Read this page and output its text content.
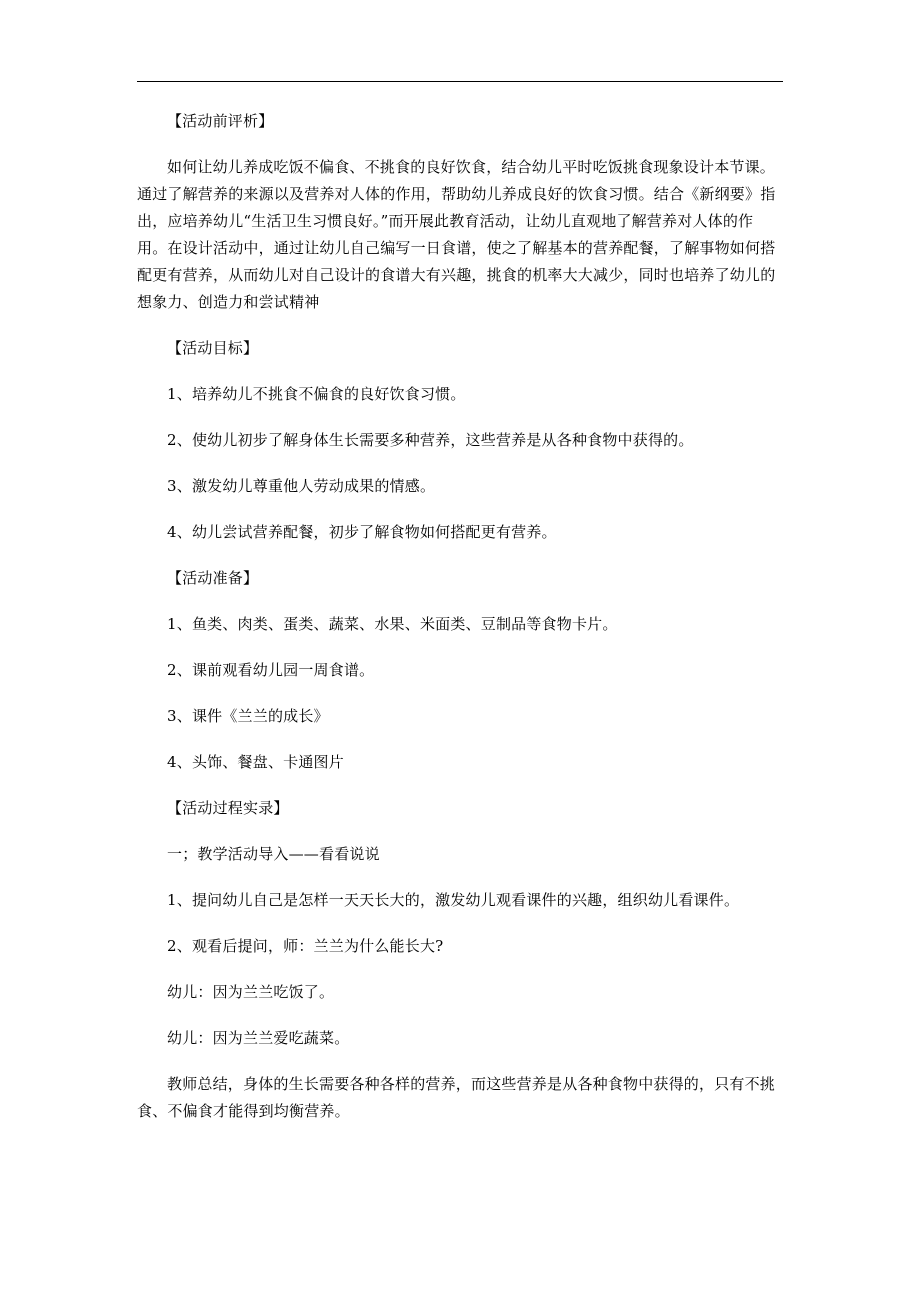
【活动前评析】

如何让幼儿养成吃饭不偏食、不挑食的良好饮食，结合幼儿平时吃饭挑食现象设计本节课。通过了解营养的来源以及营养对人体的作用，帮助幼儿养成良好的饮食习惯。结合《新纲要》指出，应培养幼儿“生活卫生习惯良好。”而开展此教育活动，让幼儿直观地了解营养对人体的作用。在设计活动中，通过让幼儿自己编写一日食谱，使之了解基本的营养配餐，了解事物如何搭配更有营养，从而幼儿对自己设计的食谱大有兴趣，挑食的机率大大减少，同时也培养了幼儿的想象力、创造力和尝试精神

【活动目标】

1、培养幼儿不挑食不偏食的良好饮食习惯。

2、使幼儿初步了解身体生长需要多种营养，这些营养是从各种食物中获得的。

3、激发幼儿尊重他人劳动成果的情感。

4、幼儿尝试营养配餐，初步了解食物如何搭配更有营养。

【活动准备】

1、鱼类、肉类、蛋类、蔬菜、水果、米面类、豆制品等食物卡片。

2、课前观看幼儿园一周食谱。

3、课件《兰兰的成长》

4、头饰、餐盘、卡通图片

【活动过程实录】

一；教学活动导入——看看说说

1、提问幼儿自己是怎样一天天长大的，激发幼儿观看课件的兴趣，组织幼儿看课件。

2、观看后提问，师：兰兰为什么能长大?

幼儿：因为兰兰吃饭了。

幼儿：因为兰兰爱吃蔬菜。

教师总结，身体的生长需要各种各样的营养，而这些营养是从各种食物中获得的，只有不挑食、不偏食才能得到均衡营养。
